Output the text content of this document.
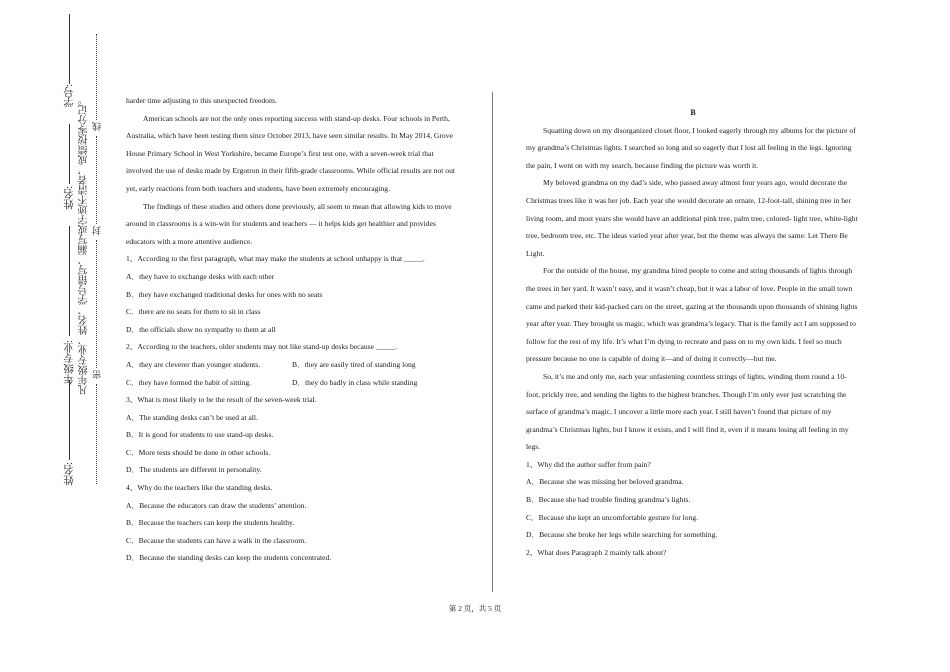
学号:
姓名:
年级专业:
姓名:
凡年级专业、姓名、学号错写、漏写或字迹不清者，成绩按零分记。 线
封
密

harder time adjusting to this unexpected freedom.

American schools are not the only ones reporting success with stand-up desks. Four schools in Perth, Australia, which have been testing them since October 2013, have seen similar results. In May 2014, Grove House Primary School in West Yorkshire, became Europe’s first test one, with a seven-week trial that involved the use of desks made by Ergotron in their fifth-grade classrooms. While official results are not out yet, early reactions from both teachers and students, have been extremely encouraging.

The findings of these studies and others done previously, all seem to mean that allowing kids to move around in classrooms is a win-win for students and teachers — it helps kids get healthier and provides educators with a more attentive audience.

1、According to the first paragraph, what may make the students at school unhappy is that _____.

A．they have to exchange desks with each other

B．they have exchanged traditional desks for ones with no seats

C．there are no seats for them to sit in class

D．the officials show no sympathy to them at all

2、According to the teachers, older students may not like stand-up desks because _____.

A．they are cleverer than younger students.	B．they are easily tired of standing long
C．they have formed the habit of sitting.	D．they do badly in class while standing

3、What is most likely to be the result of the seven-week trial.

A．The standing desks can’t be used at all.

B．It is good for students to use stand-up desks.

C．More tests should be done in other schools.

D．The students are different in personality.

4、Why do the teachers like the standing desks.

A．Because the educators can draw the students’ attention.

B．Because the teachers can keep the students healthy.

C．Because the students can have a walk in the classroom.

D．Because the standing desks can keep the students concentrated.

B

Squatting down on my disorganized closet floor, I looked eagerly through my albums for the picture of my grandma’s Christmas lights. I searched so long and so eagerly that I lost all feeling in the legs. Ignoring the pain, I went on with my search, because finding the picture was worth it.

My beloved grandma on my dad’s side, who passed away almost four years ago, would decorate the Christmas trees like it was her job. Each year she would decorate an ornate, 12-foot-tall, shining tree in her living room, and most years she would have an additional pink tree, palm tree, colored- light tree, white-light tree, bedroom tree, etc. The ideas varied year after year, but the theme was always the same: Let There Be Light.

For the outside of the house, my grandma hired people to come and string thousands of lights through the trees in her yard. It wasn’t easy, and it wasn’t cheap, but it was a labor of love. People in the small town came and parked their kid-packed cars on the street, gazing at the thousands upon thousands of shining lights year after year. They brought us magic, which was grandma’s legacy. That is the family act I am supposed to follow for the rest of my life. It’s what I’m dying to recreate and pass on to my own kids. I feel so much pressure because no one is capable of doing it—and of doing it correctly—but me.

So, it’s me and only me, each year unfastening countless strings of lights, winding them round a 10-foot, prickly tree, and sending the lights to the highest branches. Though I’m only ever just scratching the surface of grandma’s magic, I uncover a little more each year. I still haven’t found that picture of my grandma’s Christmas lights, but I know it exists, and I will find it, even if it means losing all feeling in my legs.

1、Why did the author suffer from pain?

A．Because she was missing her beloved grandma.

B．Because she had trouble finding grandma’s lights.

C．Because she kept an uncomfortable gesture for long.

D．Because she broke her legs while searching for something.

2、What does Paragraph 2 mainly talk about?

第 2 页，共 5 页
